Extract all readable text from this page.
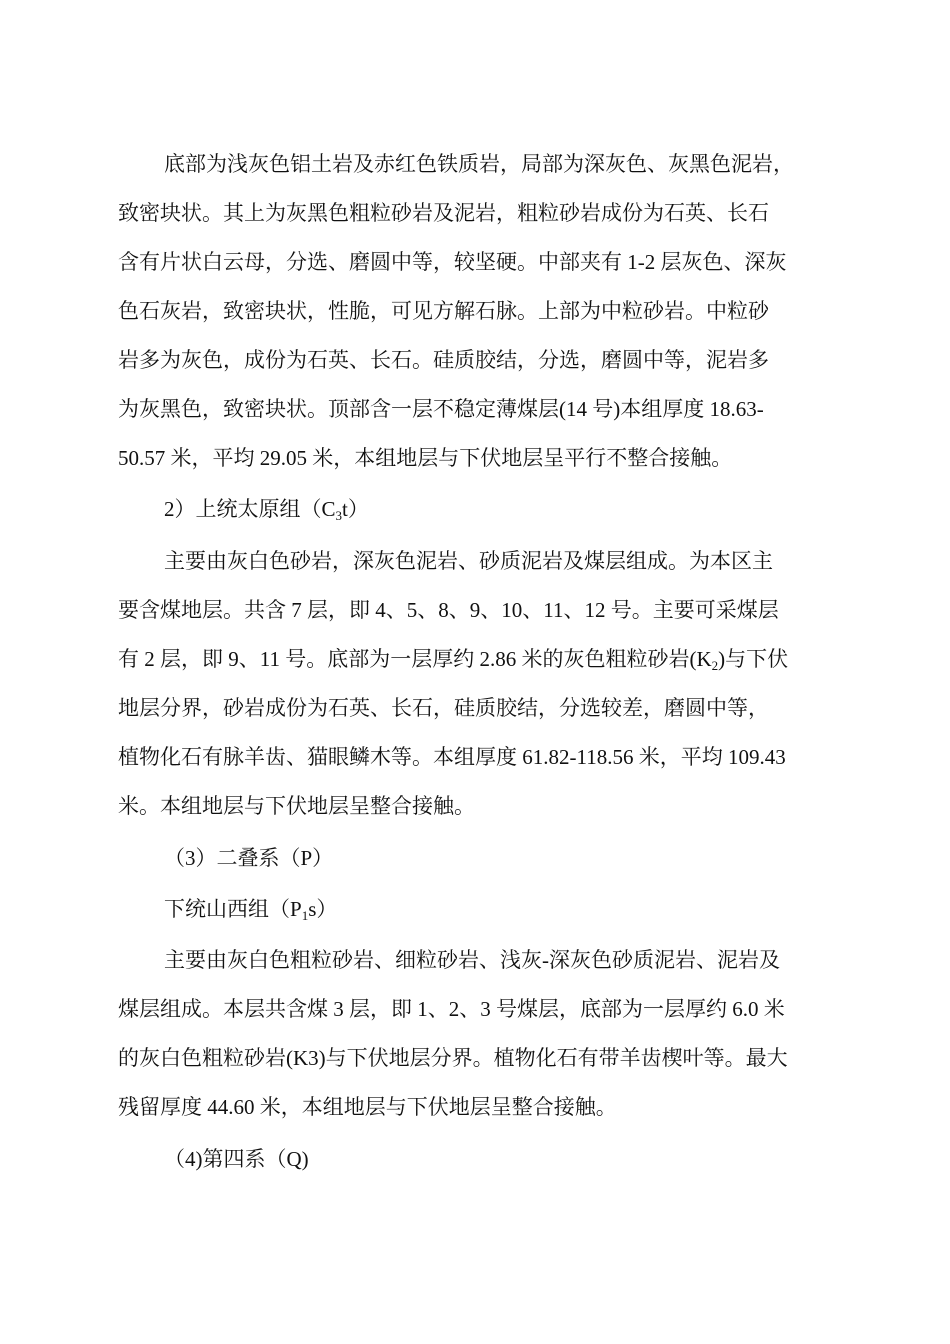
底部为浅灰色铝土岩及赤红色铁质岩，局部为深灰色、灰黑色泥岩，
致密块状。其上为灰黑色粗粒砂岩及泥岩，粗粒砂岩成份为石英、长石
含有片状白云母，分选、磨圆中等，较坚硬。中部夹有 1-2 层灰色、深灰
色石灰岩，致密块状，性脆，可见方解石脉。上部为中粒砂岩。中粒砂
岩多为灰色，成份为石英、长石。硅质胶结，分选，磨圆中等，泥岩多
为灰黑色，致密块状。顶部含一层不稳定薄煤层(14 号)本组厚度 18.63-
50.57 米，平均 29.05 米，本组地层与下伏地层呈平行不整合接触。
2）上统太原组（C3t）
主要由灰白色砂岩，深灰色泥岩、砂质泥岩及煤层组成。为本区主
要含煤地层。共含 7 层，即 4、5、8、9、10、11、12 号。主要可采煤层
有 2 层，即 9、11 号。底部为一层厚约 2.86 米的灰色粗粒砂岩(K2)与下伏
地层分界，砂岩成份为石英、长石，硅质胶结，分选较差，磨圆中等，
植物化石有脉羊齿、猫眼鳞木等。本组厚度 61.82-118.56 米，平均 109.43
米。本组地层与下伏地层呈整合接触。
（3）二叠系（P）
下统山西组（P1s）
主要由灰白色粗粒砂岩、细粒砂岩、浅灰-深灰色砂质泥岩、泥岩及
煤层组成。本层共含煤 3 层，即 1、2、3 号煤层，底部为一层厚约 6.0 米
的灰白色粗粒砂岩(K3)与下伏地层分界。植物化石有带羊齿楔叶等。最大
残留厚度 44.60 米，本组地层与下伏地层呈整合接触。
（4)第四系（Q)
